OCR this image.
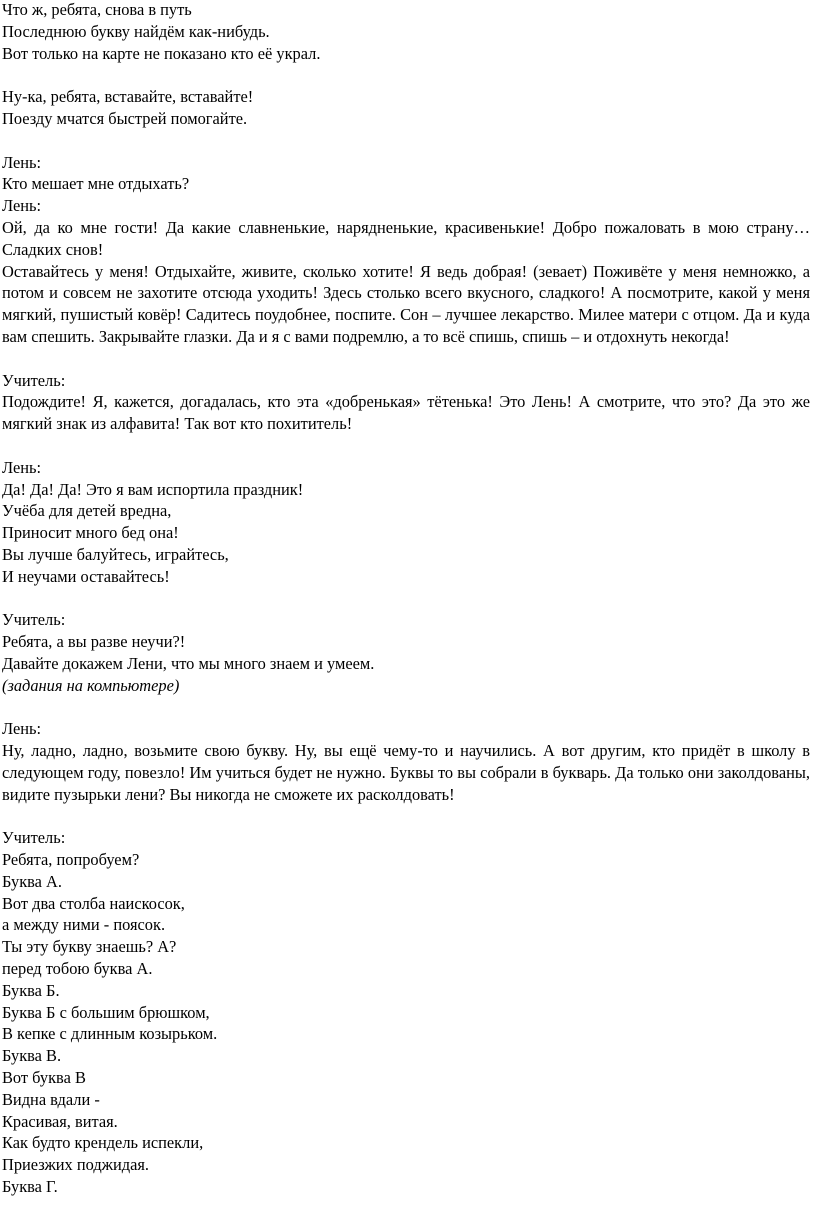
Что ж, ребята, снова в путь
Последнюю букву найдём как-нибудь.
Вот только на карте не показано кто её украл.
Ну-ка, ребята, вставайте, вставайте!
Поезду мчатся быстрей помогайте.
Лень:
Кто мешает мне отдыхать?
Лень:
Ой, да ко мне гости! Да какие славненькие, нарядненькие, красивенькие! Добро пожаловать в мою страну… Сладких снов!
Оставайтесь у меня! Отдыхайте, живите, сколько хотите! Я ведь добрая! (зевает) Поживёте у меня немножко, а потом и совсем не захотите отсюда уходить! Здесь столько всего вкусного, сладкого! А посмотрите, какой у меня мягкий, пушистый ковёр! Садитесь поудобнее, поспите. Сон – лучшее лекарство. Милее матери с отцом. Да и куда вам спешить. Закрывайте глазки. Да и я с вами подремлю, а то всё спишь, спишь – и отдохнуть некогда!
Учитель:
Подождите! Я, кажется, догадалась, кто эта «добренькая» тётенька! Это Лень! А смотрите, что это? Да это же мягкий знак из алфавита! Так вот кто похититель!
Лень:
Да! Да! Да! Это я вам испортила праздник!
Учёба для детей вредна,
Приносит много бед она!
Вы лучше балуйтесь, играйтесь,
И неучами оставайтесь!
Учитель:
Ребята, а вы разве неучи?!
Давайте докажем Лени, что мы много знаем и умеем.
(задания на компьютере)
Лень:
Ну, ладно, ладно, возьмите свою букву. Ну, вы ещё чему-то и научились. А вот другим, кто придёт в школу в следующем году, повезло! Им учиться будет не нужно. Буквы то вы собрали в букварь. Да только они заколдованы, видите пузырьки лени? Вы никогда не сможете их расколдовать!
Учитель:
Ребята, попробуем?
Буква А.
Вот два столба наискосок,
а между ними - поясок.
Ты эту букву знаешь? А?
перед тобою буква А.
Буква Б.
Буква Б с большим брюшком,
В кепке с длинным козырьком.
Буква В.
Вот буква В
Видна вдали -
Красивая, витая.
Как будто крендель испекли,
Приезжих поджидая.
Буква Г.
